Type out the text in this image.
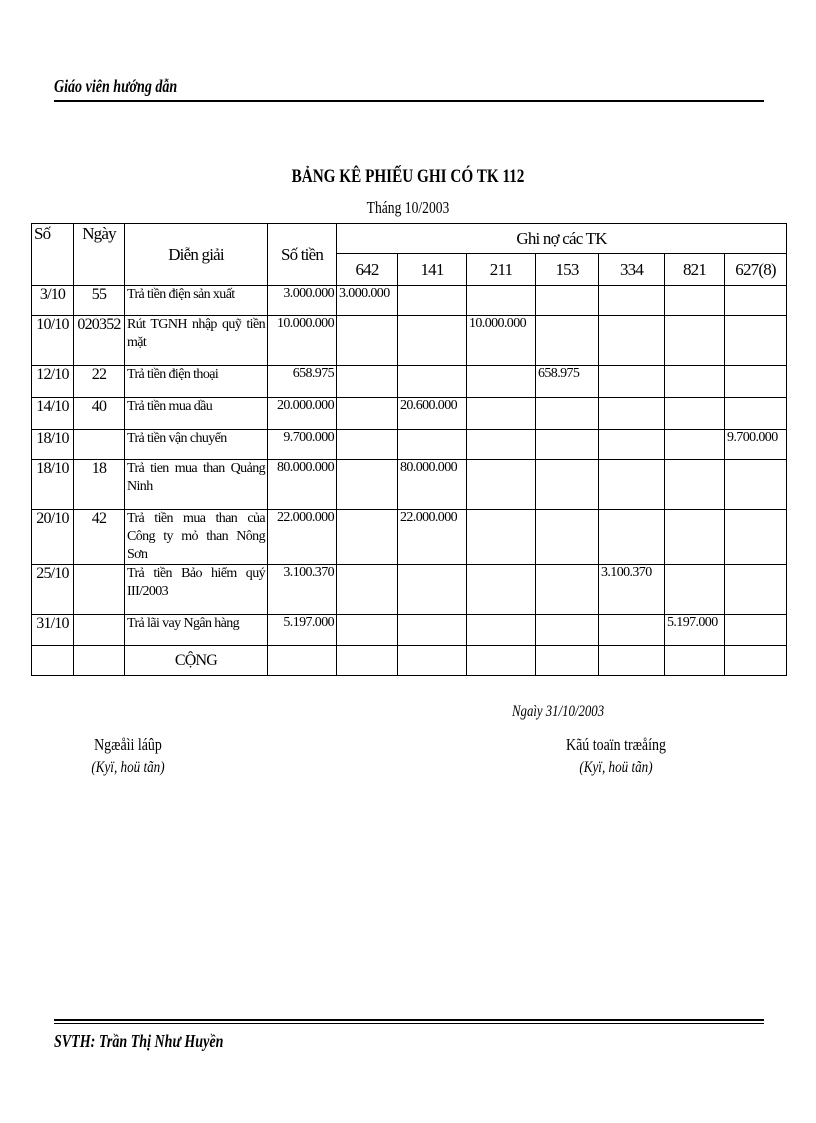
Giáo viên hướng dẫn
BẢNG KÊ PHIẾU GHI CÓ TK 112
Tháng 10/2003
Số	Ngày	Diễn giải	Số tiền	Ghi nợ các TK						
				642	141	211	153	334	821	627(8)
3/10	55	Trả tiền điện sản xuất	3.000.000	3.000.000						
10/10	020352	Rút TGNH nhập quỹ tiền mặt	10.000.000			10.000.000				
12/10	22	Trả tiền điện thoại	658.975				658.975			
14/10	40	Trả tiền mua dầu	20.000.000		20.600.000					
18/10		Trả tiền vận chuyển	9.700.000							9.700.000
18/10	18	Trả tien mua than Quảng Ninh	80.000.000		80.000.000					
20/10	42	Trả tiền mua than của Công ty mỏ than Nông Sơn	22.000.000		22.000.000					
25/10		Trả tiền Bảo hiểm quý III/2003	3.100.370					3.100.370		
31/10		Trả lãi vay Ngân hàng	5.197.000						5.197.000	
		CỘNG								
Ngaìy 31/10/2003
Ngæåìi láûp
(Kyï, hoü tãn)
Kãú toaïn træåíng
(Kyï, hoü tãn)
SVTH: Trần Thị Như Huyền
